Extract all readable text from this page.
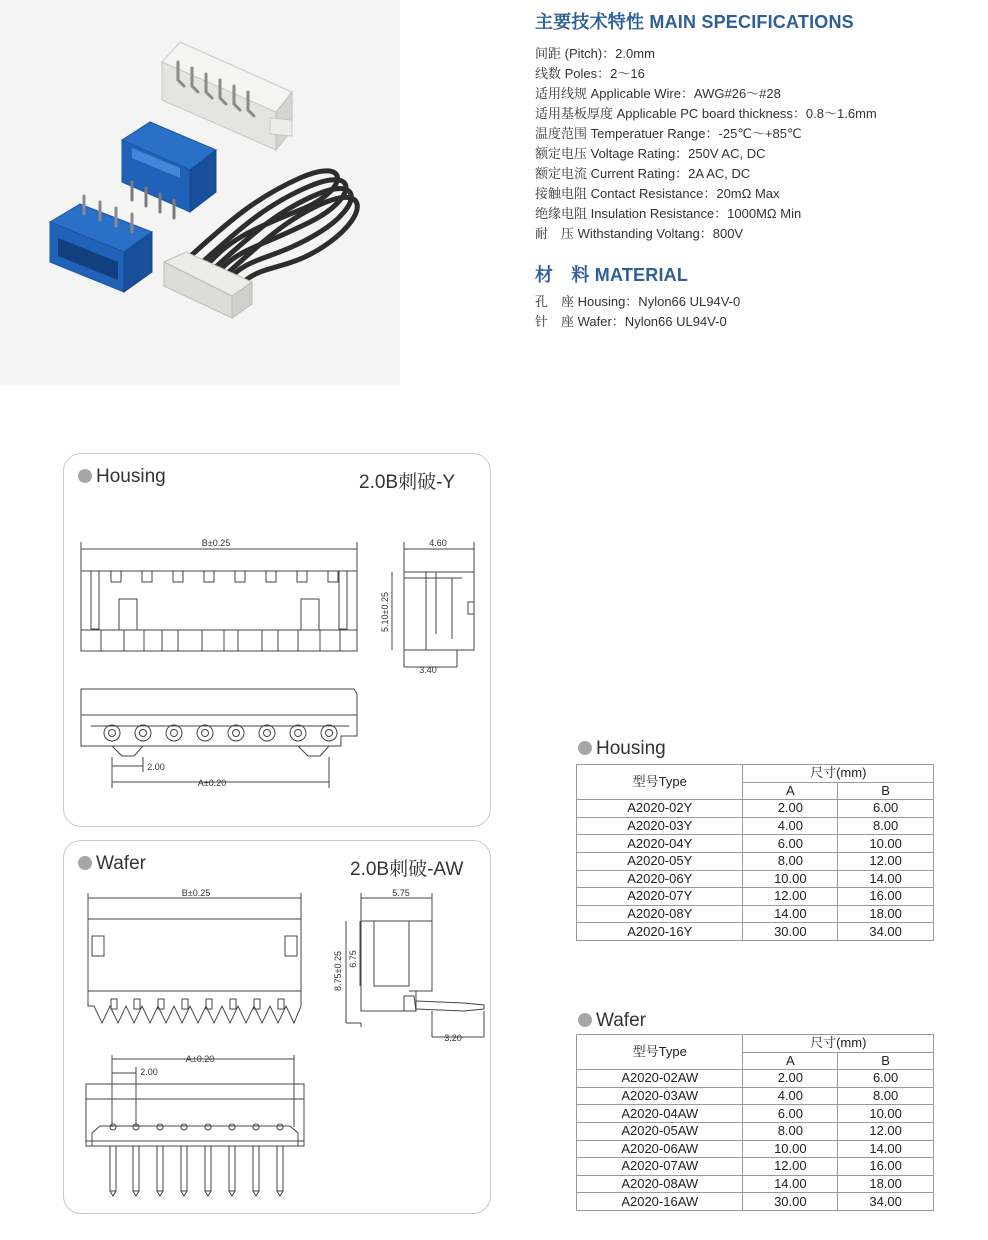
主要技术特性 MAIN SPECIFICATIONS
间距 (Pitch)：2.0mm
线数 Poles：2～16
适用线规 Applicable Wire：AWG#26～#28
适用基板厚度 Applicable PC board thickness：0.8～1.6mm
温度范围 Temperatuer Range：-25℃～+85℃
额定电压 Voltage Rating：250V AC, DC
额定电流 Current Rating：2A AC, DC
接触电阻 Contact Resistance：20mΩ Max
绝缘电阻 Insulation Resistance：1000MΩ Min
耐　压 Withstanding Voltang：800V
材　料 MATERIAL
孔　座 Housing：Nylon66 UL94V-0
针　座 Wafer：Nylon66 UL94V-0
Housing	2.0B刺破-Y
B±0.25	4.60
5.10±0.25
3.40
2.00
A±0.20
Wafer	2.0B刺破-AW
B±0.25	5.75
8.75±0.25 6.75
3.20
A±0.20
2.00
Housing
型号Type	尺寸(mm)	
	A	B
A2020-02Y	2.00	6.00
A2020-03Y	4.00	8.00
A2020-04Y	6.00	10.00
A2020-05Y	8.00	12.00
A2020-06Y	10.00	14.00
A2020-07Y	12.00	16.00
A2020-08Y	14.00	18.00
A2020-16Y	30.00	34.00
Wafer
型号Type	尺寸(mm)	
	A	B
A2020-02AW	2.00	6.00
A2020-03AW	4.00	8.00
A2020-04AW	6.00	10.00
A2020-05AW	8.00	12.00
A2020-06AW	10.00	14.00
A2020-07AW	12.00	16.00
A2020-08AW	14.00	18.00
A2020-16AW	30.00	34.00
